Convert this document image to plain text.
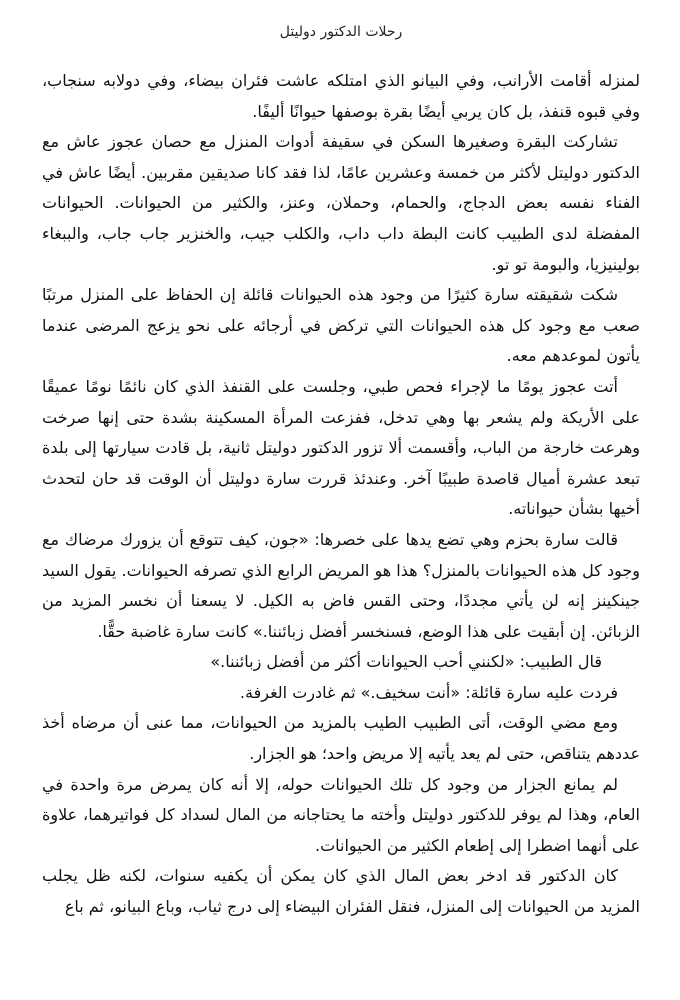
رحلات الدكتور دوليتل

لمنزله أقامت الأرانب، وفي البيانو الذي امتلكه عاشت فئران بيضاء، وفي دولابه سنجاب، وفي قبوه قنفذ، بل كان يربي أيضًا بقرة بوصفها حيوانًا أليفًا.

تشاركت البقرة وصغيرها السكن في سقيفة أدوات المنزل مع حصان عجوز عاش مع الدكتور دوليتل لأكثر من خمسة وعشرين عامًا، لذا فقد كانا صديقين مقربين. أيضًا عاش في الفناء نفسه بعض الدجاج، والحمام، وحملان، وعنز، والكثير من الحيوانات. الحيوانات المفضلة لدى الطبيب كانت البطة داب داب، والكلب جيب، والخنزير جاب جاب، والببغاء بولينيزيا، والبومة تو تو.

شكت شقيقته سارة كثيرًا من وجود هذه الحيوانات قائلة إن الحفاظ على المنزل مرتبًا صعب مع وجود كل هذه الحيوانات التي تركض في أرجائه على نحو يزعج المرضى عندما يأتون لموعدهم معه.

أتت عجوز يومًا ما لإجراء فحص طبي، وجلست على القنفذ الذي كان نائمًا نومًا عميقًا على الأريكة ولم يشعر بها وهي تدخل، ففزعت المرأة المسكينة بشدة حتى إنها صرخت وهرعت خارجة من الباب، وأقسمت ألا تزور الدكتور دوليتل ثانية، بل قادت سيارتها إلى بلدة تبعد عشرة أميال قاصدة طبيبًا آخر. وعندئذ قررت سارة دوليتل أن الوقت قد حان لتحدث أخيها بشأن حيواناته.

قالت سارة بحزم وهي تضع يدها على خصرها: «جون، كيف تتوقع أن يزورك مرضاك مع وجود كل هذه الحيوانات بالمنزل؟ هذا هو المريض الرابع الذي تصرفه الحيوانات. يقول السيد جينكينز إنه لن يأتي مجددًا، وحتى القس فاض به الكيل. لا يسعنا أن نخسر المزيد من الزبائن. إن أبقيت على هذا الوضع، فسنخسر أفضل زبائننا.» كانت سارة غاضبة حقًّا.

قال الطبيب: «لكنني أحب الحيوانات أكثر من أفضل زبائننا.»

فردت عليه سارة قائلة: «أنت سخيف.» ثم غادرت الغرفة.

ومع مضي الوقت، أتى الطبيب الطيب بالمزيد من الحيوانات، مما عنى أن مرضاه أخذ عددهم يتناقص، حتى لم يعد يأتيه إلا مريض واحد؛ هو الجزار.

لم يمانع الجزار من وجود كل تلك الحيوانات حوله، إلا أنه كان يمرض مرة واحدة في العام، وهذا لم يوفر للدكتور دوليتل وأخته ما يحتاجانه من المال لسداد كل فواتيرهما، علاوة على أنهما اضطرا إلى إطعام الكثير من الحيوانات.

كان الدكتور قد ادخر بعض المال الذي كان يمكن أن يكفيه سنوات، لكنه ظل يجلب المزيد من الحيوانات إلى المنزل، فنقل الفئران البيضاء إلى درج ثياب، وباع البيانو، ثم باع
